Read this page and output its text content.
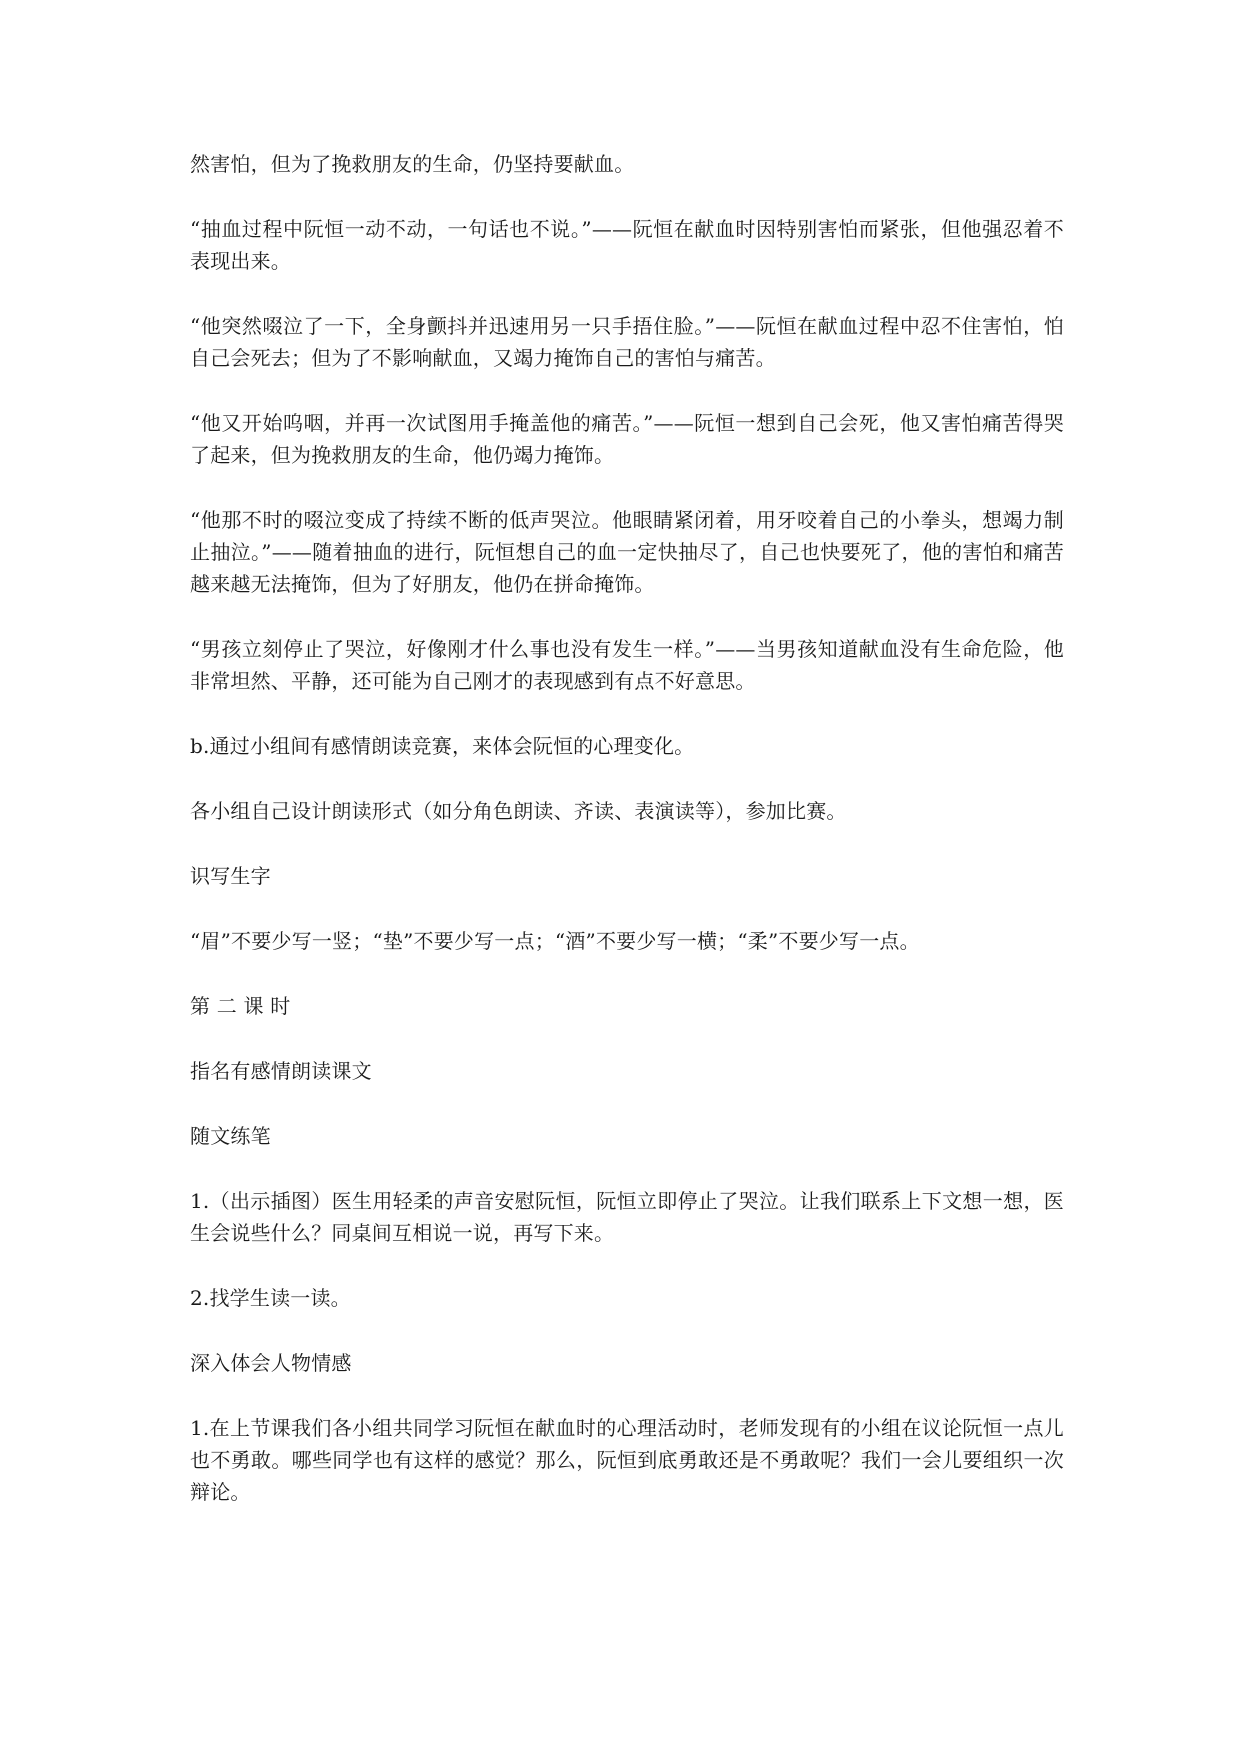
然害怕，但为了挽救朋友的生命，仍坚持要献血。

“抽血过程中阮恒一动不动，一句话也不说。”——阮恒在献血时因特别害怕而紧张，但他强忍着不表现出来。

“他突然啜泣了一下，全身颤抖并迅速用另一只手捂住脸。”——阮恒在献血过程中忍不住害怕，怕自己会死去；但为了不影响献血，又竭力掩饰自己的害怕与痛苦。

“他又开始呜咽，并再一次试图用手掩盖他的痛苦。”——阮恒一想到自己会死，他又害怕痛苦得哭了起来，但为挽救朋友的生命，他仍竭力掩饰。

“他那不时的啜泣变成了持续不断的低声哭泣。他眼睛紧闭着，用牙咬着自己的小拳头，想竭力制止抽泣。”——随着抽血的进行，阮恒想自己的血一定快抽尽了，自己也快要死了，他的害怕和痛苦越来越无法掩饰，但为了好朋友，他仍在拼命掩饰。

“男孩立刻停止了哭泣，好像刚才什么事也没有发生一样。”——当男孩知道献血没有生命危险，他非常坦然、平静，还可能为自己刚才的表现感到有点不好意思。

b.通过小组间有感情朗读竞赛，来体会阮恒的心理变化。

各小组自己设计朗读形式（如分角色朗读、齐读、表演读等），参加比赛。

识写生字

“眉”不要少写一竖；“垫”不要少写一点；“酒”不要少写一横；“柔”不要少写一点。

第 二 课 时

指名有感情朗读课文

随文练笔

1.（出示插图）医生用轻柔的声音安慰阮恒，阮恒立即停止了哭泣。让我们联系上下文想一想，医生会说些什么？同桌间互相说一说，再写下来。

2.找学生读一读。

深入体会人物情感

1.在上节课我们各小组共同学习阮恒在献血时的心理活动时，老师发现有的小组在议论阮恒一点儿也不勇敢。哪些同学也有这样的感觉？那么，阮恒到底勇敢还是不勇敢呢？我们一会儿要组织一次辩论。
